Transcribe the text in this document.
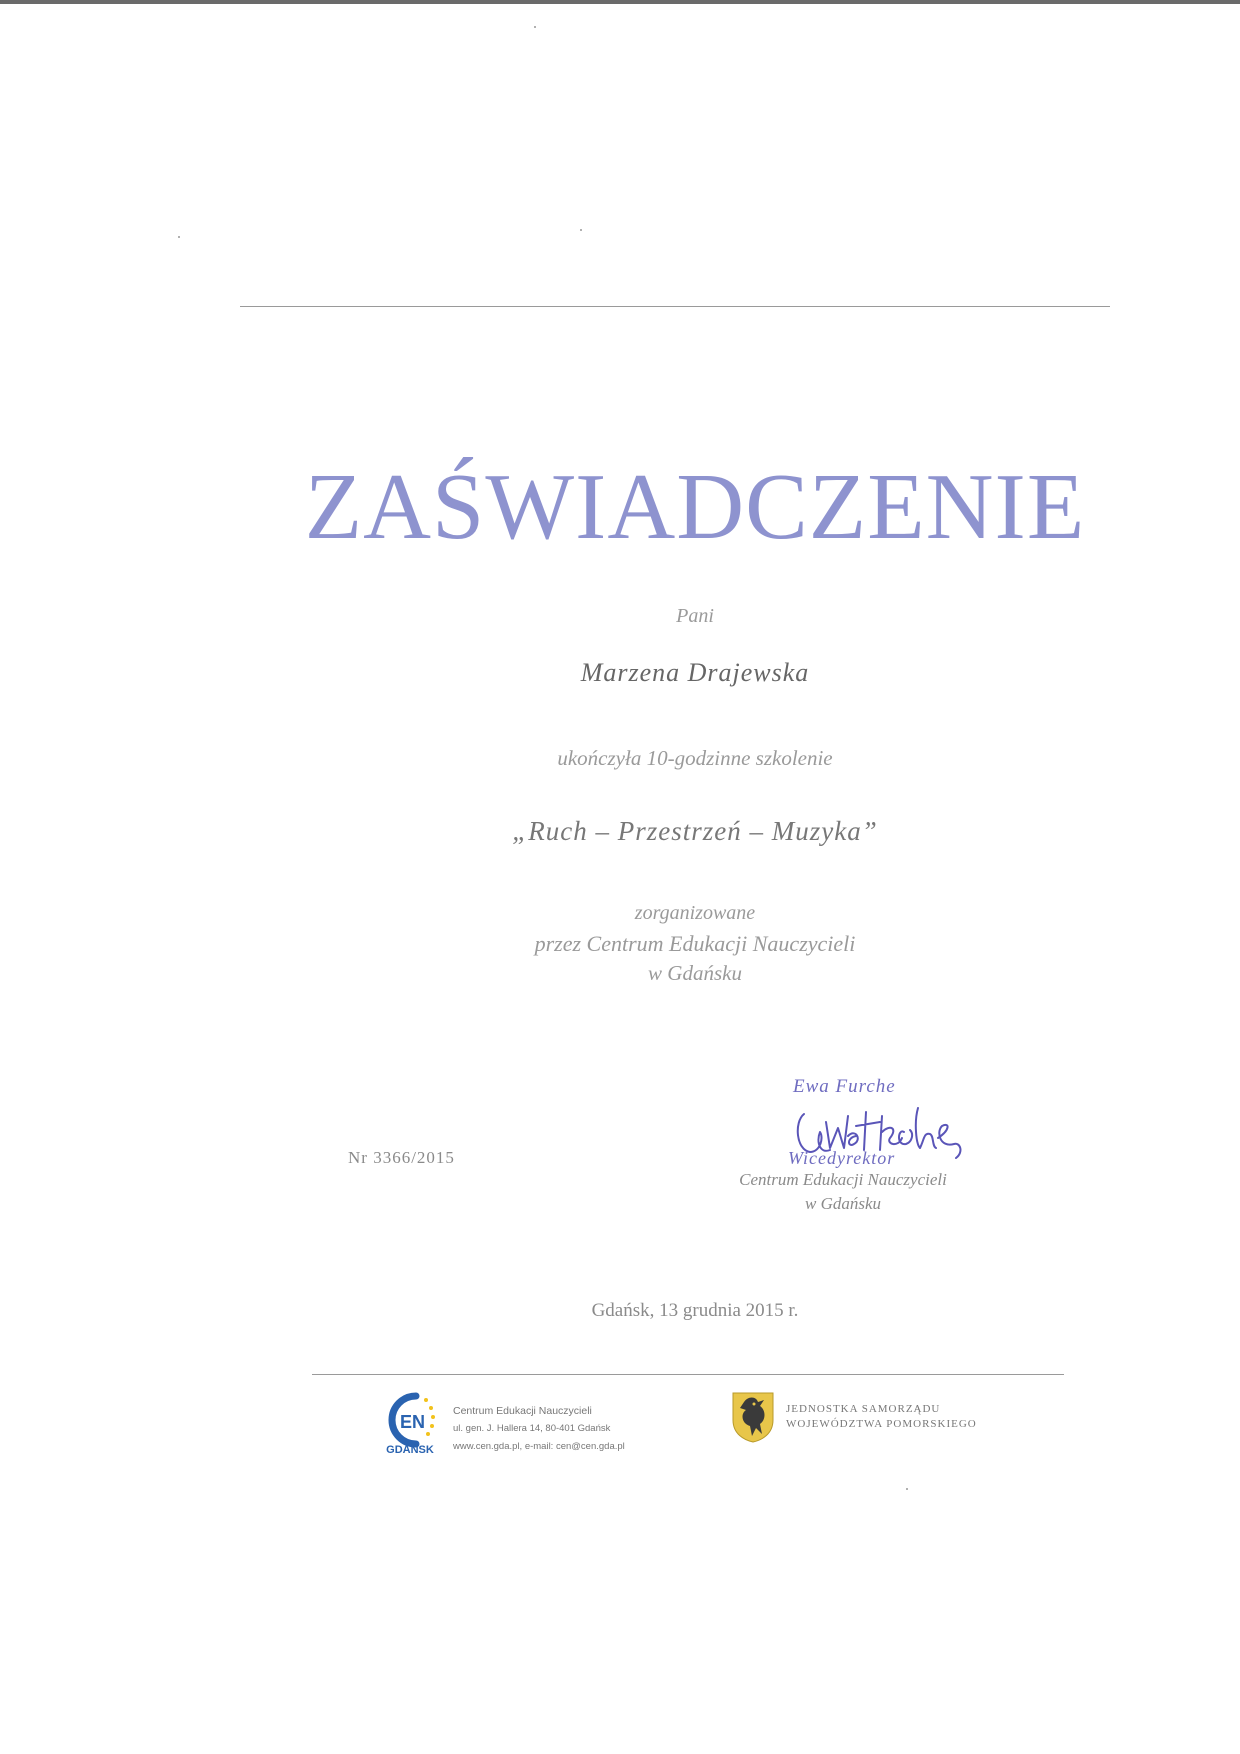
ZAŚWIADCZENIE
Pani
Marzena Drajewska
ukończyła 10-godzinne szkolenie
„Ruch – Przestrzeń – Muzyka”
zorganizowane
przez Centrum Edukacji Nauczycieli
w Gdańsku
Nr 3366/2015
Ewa Furche
Wicedyrektor
Centrum Edukacji Nauczycieli
w Gdańsku
Gdańsk, 13 grudnia 2015 r.
EN
GDAŃSK
Centrum Edukacji Nauczycieli
ul. gen. J. Hallera 14, 80-401 Gdańsk
www.cen.gda.pl, e-mail: cen@cen.gda.pl
JEDNOSTKA SAMORZĄDU
WOJEWÓDZTWA POMORSKIEGO
